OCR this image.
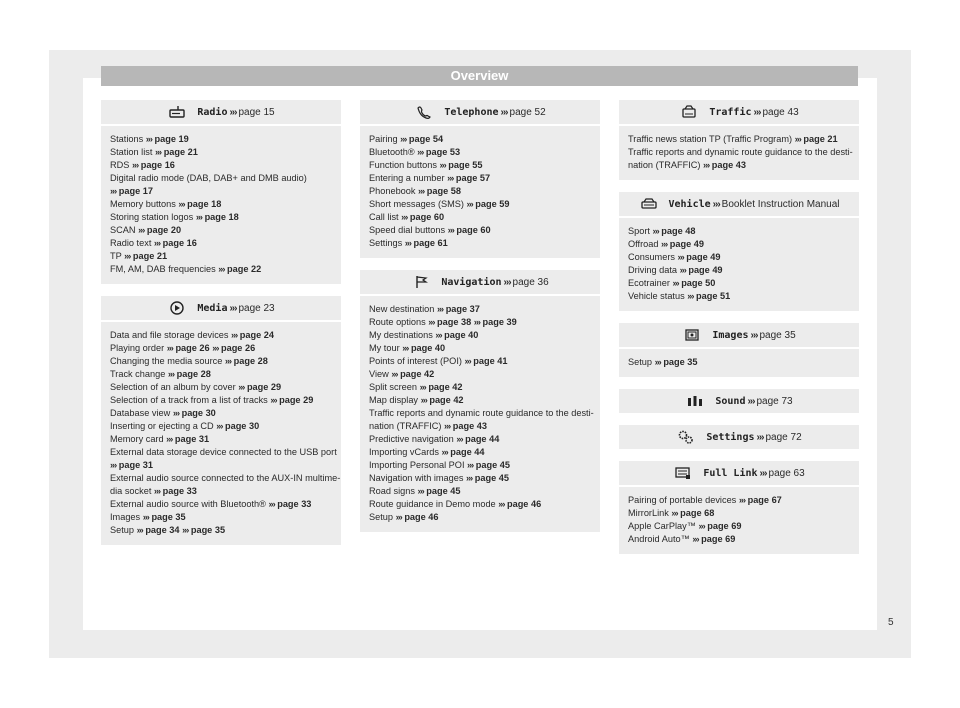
Overview
Radio ››› page 15
Stations ››› page 19
Station list ››› page 21
RDS ››› page 16
Digital radio mode (DAB, DAB+ and DMB audio)
››› page 17
Memory buttons ››› page 18
Storing station logos ››› page 18
SCAN ››› page 20
Radio text ››› page 16
TP ››› page 21
FM, AM, DAB frequencies ››› page 22
Media ››› page 23
Data and file storage devices ››› page 24
Playing order ››› page 26 ››› page 26
Changing the media source ››› page 28
Track change ››› page 28
Selection of an album by cover ››› page 29
Selection of a track from a list of tracks ››› page 29
Database view ››› page 30
Inserting or ejecting a CD ››› page 30
Memory card ››› page 31
External data storage device connected to the USB port
››› page 31
External audio source connected to the AUX-IN multime-
dia socket ››› page 33
External audio source with Bluetooth® ››› page 33
Images ››› page 35
Setup ››› page 34 ››› page 35
Telephone ››› page 52
Pairing ››› page 54
Bluetooth® ››› page 53
Function buttons ››› page 55
Entering a number ››› page 57
Phonebook ››› page 58
Short messages (SMS) ››› page 59
Call list ››› page 60
Speed dial buttons ››› page 60
Settings ››› page 61
Navigation ››› page 36
New destination ››› page 37
Route options ››› page 38 ››› page 39
My destinations ››› page 40
My tour ››› page 40
Points of interest (POI) ››› page 41
View ››› page 42
Split screen ››› page 42
Map display ››› page 42
Traffic reports and dynamic route guidance to the desti-
nation (TRAFFIC) ››› page 43
Predictive navigation ››› page 44
Importing vCards ››› page 44
Importing Personal POI ››› page 45
Navigation with images ››› page 45
Road signs ››› page 45
Route guidance in Demo mode ››› page 46
Setup ››› page 46
Traffic ››› page 43
Traffic news station TP (Traffic Program) ››› page 21
Traffic reports and dynamic route guidance to the desti-
nation (TRAFFIC) ››› page 43
Vehicle ››› Booklet Instruction Manual
Sport ››› page 48
Offroad ››› page 49
Consumers ››› page 49
Driving data ››› page 49
Ecotrainer ››› page 50
Vehicle status ››› page 51
Images ››› page 35
Setup ››› page 35
Sound ››› page 73
Settings ››› page 72
Full Link ››› page 63
Pairing of portable devices ››› page 67
MirrorLink ››› page 68
Apple CarPlay™ ››› page 69
Android Auto™ ››› page 69
5
